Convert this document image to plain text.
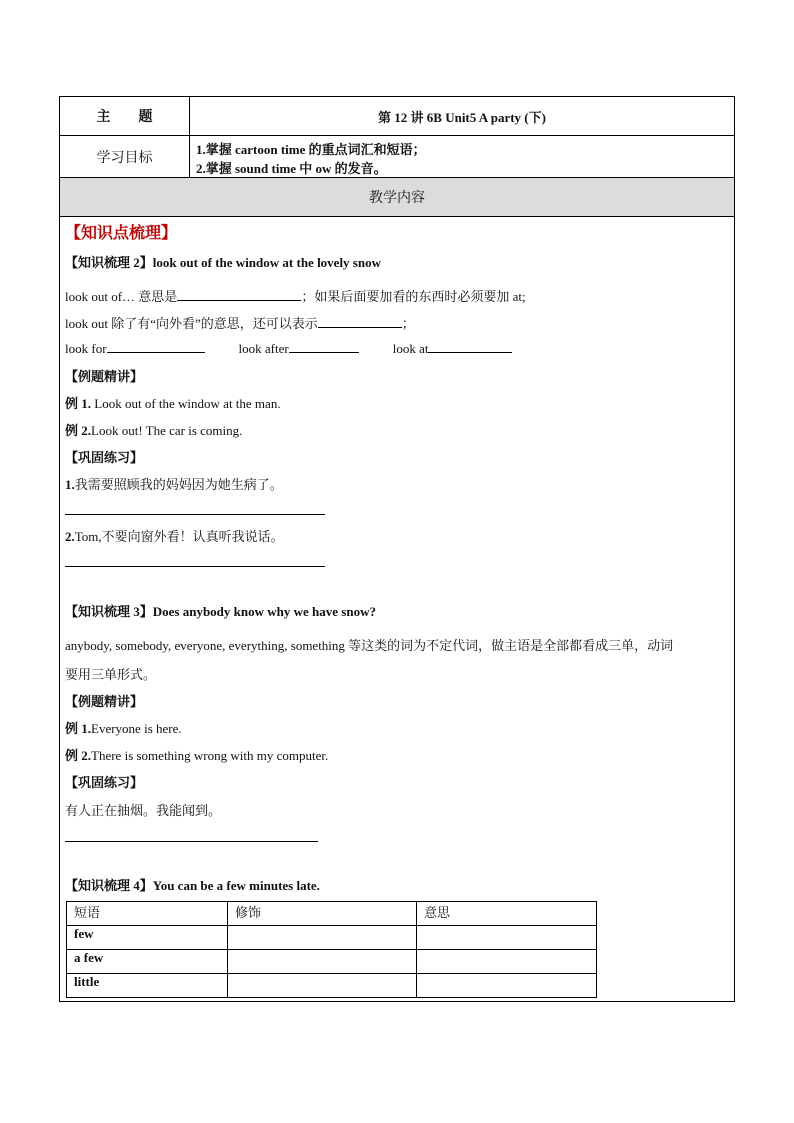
主　　题	第 12 讲 6B Unit5 A party (下)
学习目标
1.掌握 cartoon time 的重点词汇和短语；
2.掌握 sound time 中 ow 的发音。
教学内容
【知识点梳理】
【知识梳理 2】look out of the window at the lovely snow
look out of… 意思是	；如果后面要加看的东西时必须要加 at;
look out 除了有“向外看”的意思，还可以表示	；
look for	look after	look at
【例题精讲】
例 1. Look out of the window at the man.
例 2.Look out! The car is coming.
【巩固练习】
1.我需要照顾我的妈妈因为她生病了。
2.Tom,不要向窗外看！认真听我说话。
【知识梳理 3】Does anybody know why we have snow?
anybody, somebody, everyone, everything, something 等这类的词为不定代词，做主语是全部都看成三单，动词
要用三单形式。
【例题精讲】
例 1.Everyone is here.
例 2.There is something wrong with my computer.
【巩固练习】
有人正在抽烟。我能闻到。
【知识梳理 4】You can be a few minutes late.
短语	修饰	意思
few		
a few		
little		
